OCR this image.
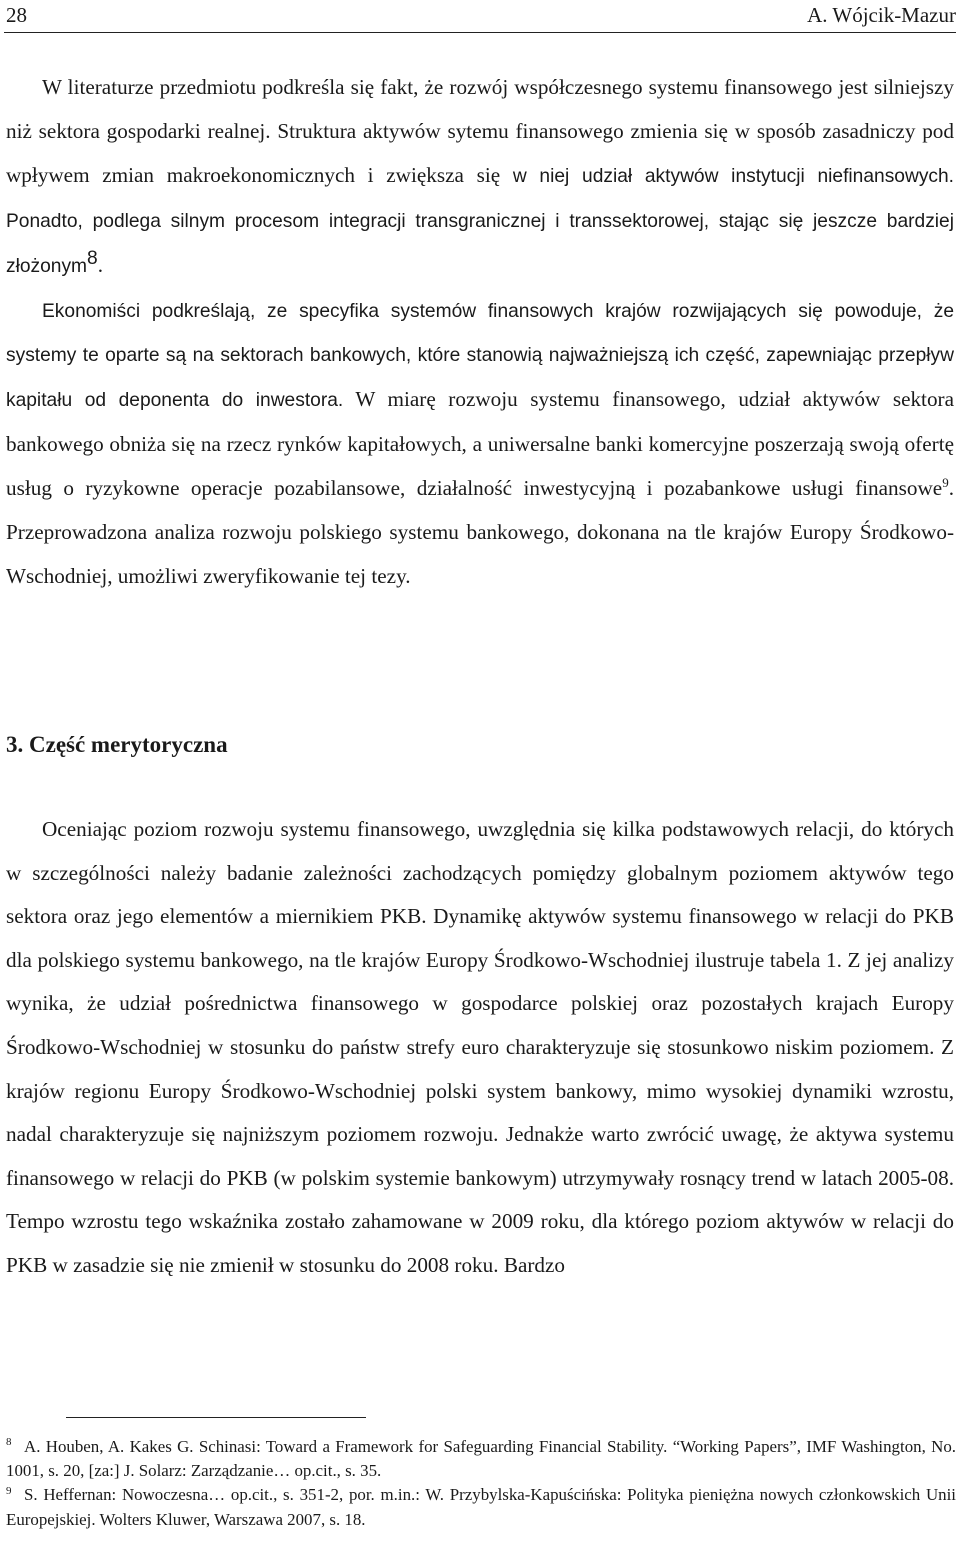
28	A. Wójcik-Mazur

W literaturze przedmiotu podkreśla się fakt, że rozwój współczesnego systemu finansowego jest silniejszy niż sektora gospodarki realnej. Struktura aktywów sytemu finansowego zmienia się w sposób zasadniczy pod wpływem zmian makroekonomicznych i zwiększa się w niej udział aktywów instytucji niefinansowych. Ponadto, podlega silnym procesom integracji transgranicznej i transsektorowej, stając się jeszcze bardziej złożonym$^8$.

Ekonomiści podkreślają, ze specyfika systemów finansowych krajów rozwijających się powoduje, że systemy te oparte są na sektorach bankowych, które stanowią najważniejszą ich część, zapewniając przepływ kapitału od deponenta do inwestora. W miarę rozwoju systemu finansowego, udział aktywów sektora bankowego obniża się na rzecz rynków kapitałowych, a uniwersalne banki komercyjne poszerzają swoją ofertę usług o ryzykowne operacje pozabilansowe, działalność inwestycyjną i pozabankowe usługi finansowe$^9$. Przeprowadzona analiza rozwoju polskiego systemu bankowego, dokonana na tle krajów Europy Środkowo-Wschodniej, umożliwi zweryfikowanie tej tezy.

3. Część merytoryczna

Oceniając poziom rozwoju systemu finansowego, uwzględnia się kilka podstawowych relacji, do których w szczególności należy badanie zależności zachodzących pomiędzy globalnym poziomem aktywów tego sektora oraz jego elementów a miernikiem PKB. Dynamikę aktywów systemu finansowego w relacji do PKB dla polskiego systemu bankowego, na tle krajów Europy Środkowo-Wschodniej ilustruje tabela 1. Z jej analizy wynika, że udział pośrednictwa finansowego w gospodarce polskiej oraz pozostałych krajach Europy Środkowo-Wschodniej w stosunku do państw strefy euro charakteryzuje się stosunkowo niskim poziomem. Z krajów regionu Europy Środkowo-Wschodniej polski system bankowy, mimo wysokiej dynamiki wzrostu, nadal charakteryzuje się najniższym poziomem rozwoju. Jednakże warto zwrócić uwagę, że aktywa systemu finansowego w relacji do PKB (w polskim systemie bankowym) utrzymywały rosnący trend w latach 2005-08. Tempo wzrostu tego wskaźnika zostało zahamowane w 2009 roku, dla którego poziom aktywów w relacji do PKB w zasadzie się nie zmienił w stosunku do 2008 roku. Bardzo

$^8$ A. Houben, A. Kakes G. Schinasi: Toward a Framework for Safeguarding Financial Stability. “Working Papers”, IMF Washington, No. 1001, s. 20, [za:] J. Solarz: Zarządzanie… op.cit., s. 35.

$^9$ S. Heffernan: Nowoczesna… op.cit., s. 351-2, por. m.in.: W. Przybylska-Kapuścińska: Polityka pieniężna nowych członkowskich Unii Europejskiej. Wolters Kluwer, Warszawa 2007, s. 18.
